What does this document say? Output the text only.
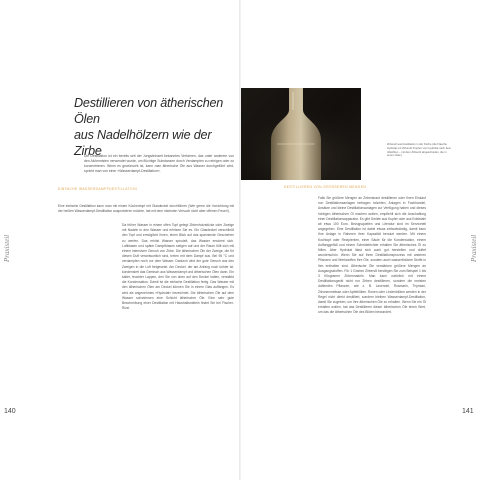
Destillieren von ätherischen Ölen
aus Nadelhölzern wie der Zirbe
Die Destillation ist ein bereits seit der Jungsteinzeit bekanntes Verfahren, das unter anderem von den Alchemisten verwendet wurde, um flüchtige Substanzen durch Verdampfen zu reinigen oder zu konzentrieren. Wenn es gewünscht ist, kann man ätherische Öle aus Wasser durchgeführt wird, spricht man von einer »Wasserdampf-Destillation«.
EINFACHE WASSERDAMPFDESTILLATION
Eine einfache Destillation kann man mit einem Küchentopf mit Glasdeckel durchführen (Wer gerne die Vorrichtung mit der heißen Wasserdampf-Destillation ausprobieren möchte, hat mit dem nächsten Versuch nicht aber offenen Feuer!).
Da früher Wasser in einem offen Topf gelegt Zirbenholzstücke oder Zweige mit Nadeln in den Wasser und erhitzen Sie es. Ein Glasdeckel verschließt den Topf und ermöglicht Ihnen, einen Blick auf das spannende Geschehen zu werfen. Das erhitzt Wasser sprudelt, das Wasser erwärmt sich. Luftblasen und später Dampfblasen steigen auf und der Raum füllt sich mit einem intensiven Geruch von Zirbe. Die ätherischen Öle der Zweige, die für diesen Duft verantwortlich sind, treten mit dem Dampf aus. Bei 95 °C und verdampfen noch vor dem Wasser. Dadurch wird der gute Geruch aus den Zweigen in die Luft freigesetzt. Am Deckel, der am Anfang noch kühler ist, kondensiert das Gemisch aus Wasserdampf und ätherischen Ölen dann. Ein kalter, feuchter Lappen, den Sie von oben auf den Deckel halten, verstärkt die Kondensation. Damit ist die einfache Destillation fertig. Das Wasser mit den ätherischen Ölen am Deckel können Sie in einem Glas auffangen. Es wird als angenehmes »Hydrolat« bezeichnet. Die ätherischen Öle auf dem Wasser schwimmen eine Schicht ätherischer Öle. Eine sehr gute Beschreibung einer Destillation mit Haushaltsmitteln findet Sie bei Fischer-Rizzi.
Praxisteil
140
Zirbenöl aus Destillation in der Küche (die Flasche Hydrolat mit Zirbenöl-Tropfen vom Hydrolat nach dem Abkühlen – mit dem Zirbenöl abgeschieden, die in einem Glas.)
DESTILLIEREN VON GRÖSSEREN MENGEN
Falls Sie größere Mengen an Zirbenkraut destillieren oder Ihren Einkauf von Destillationsanlagen befragen möchten, Anlagen in Fachhandel, Ansätze und kleine Destillationsanlagen zur Verfügung haben und dieses richtigen ätherischen Öl machen wollen, empfiehlt sich die Anschaffung einer Destillationsapparatur. Es gibt Geräte aus Kupfer oder aus Edelstahl ab etwa 100 Euro. Bezugsquellen und Literatur sind im Serviceteil angegeben. Eine Destillation ist dabei etwas zeitaufwändig, damit kann Ihre Anlage in Rahmen ihrer Kapazität benutzt werden. Mit einem Kochtopf oder Rezipienten, einer Säule für die Kondensation, einem Auffanggefäß und einem Scheidetrichter erhalten Sie ätherisches Öl zu füllen. Aber Hydrolat lässt sich auch gut herstellen und duftet wunderschön. Wenn Sie auf Ihren Destillationsprozess mit anderen Pflanzen und Werkstoffen Ihre Öle, sondern auch wasserlösliche Stoffe in ihm enthalten sind. Ätherische Öle verstärken größere Mengen an Ausgangsstoffen. Für 1 Gramm Zirbenöl benötigen Sie zum Beispiel 1 bis 3 Kilogramm Zirbennadeln. Man kann natürlich mit einem Destillationsgerät nicht nur Zirben destillieren, sondern die meisten duftenden Pflanzen, wie z. B. Lavendel, Rosmarin, Thymian, Zitronenmelisse oder Apfelblüten. Rosen oder Lindenblüten werden in der Regel nicht direkt destilliert, sondern bleiben Wasserdampf-Destillation, damit Sie zugeben, um ihre ätherischen Öle zu erhalten. Wenn Sie ein Öl erhalten wollen, hat das Destillieren dieser ätherischen Öle einen Wert, um das die ätherischen Öle des Blüten bewundert.
Praxisteil
141
